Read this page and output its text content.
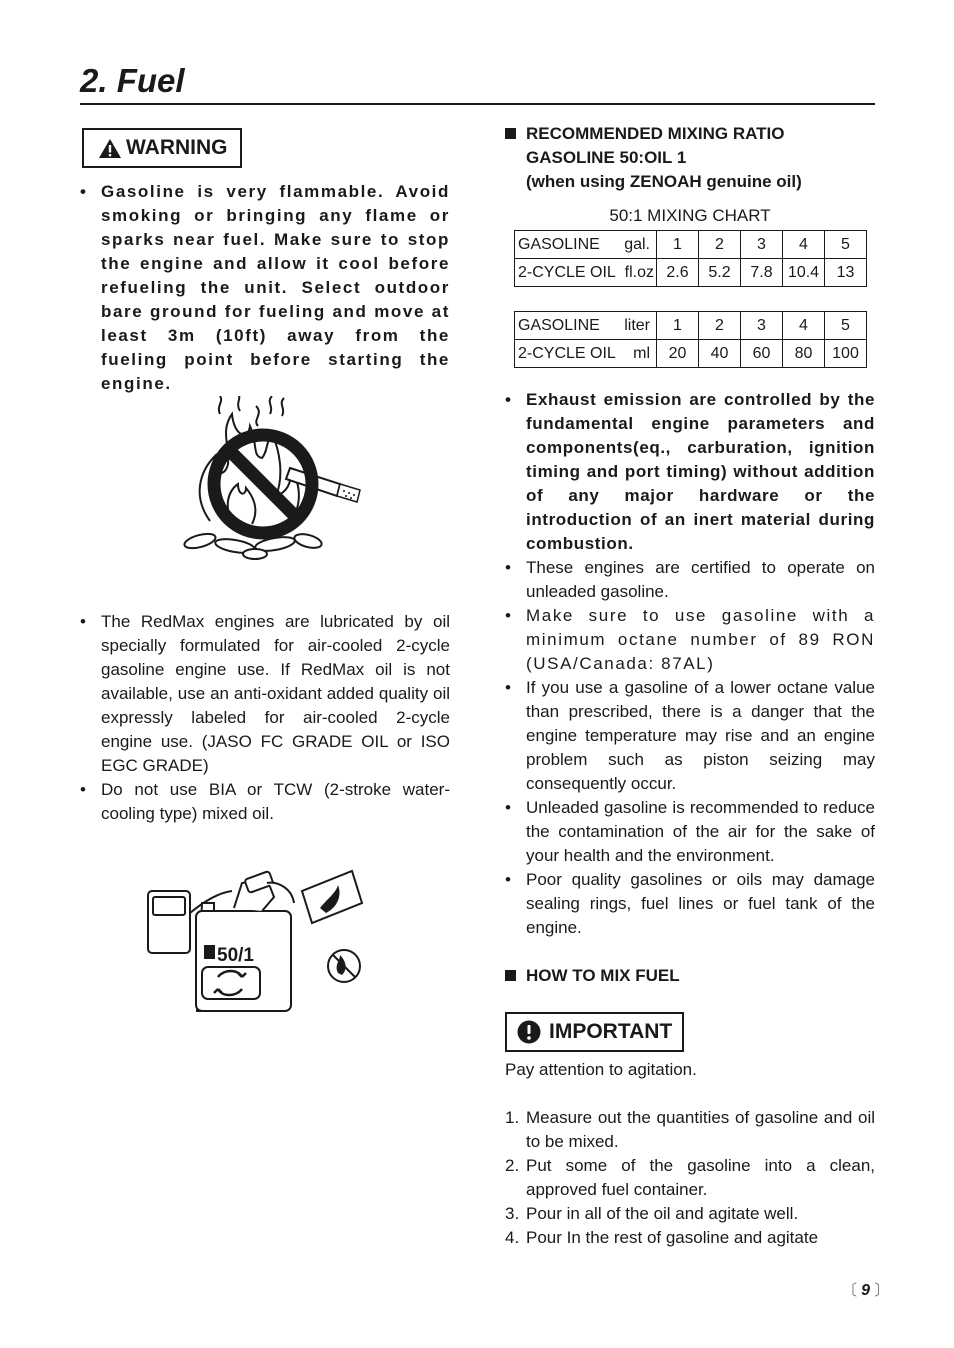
2. Fuel
WARNING
• Gasoline is very flammable. Avoid smoking or bringing any flame or sparks near fuel. Make sure to stop the engine and allow it cool before refueling the unit. Select outdoor bare ground for fueling and move at least 3m (10ft) away from the fueling point before starting the engine.
• The RedMax engines are lubricated by oil specially formulated for air-cooled 2-cycle gasoline engine use. If RedMax oil is not available, use an anti-oxidant added quality oil expressly labeled for air-cooled 2-cycle engine use. (JASO FC GRADE OIL or ISO EGC GRADE)
• Do not use BIA or TCW (2-stroke water-cooling type) mixed oil.
50/1
RECOMMENDED MIXING RATIO
GASOLINE 50:OIL 1
(when using ZENOAH genuine oil)
50:1 MIXING CHART
GASOLINE gal.	1	2	3	4	5
2-CYCLE OIL fl.oz	2.6	5.2	7.8	10.4	13
GASOLINE liter	1	2	3	4	5
2-CYCLE OIL ml	20	40	60	80	100
• Exhaust emission are controlled by the fundamental engine parameters and components(eq., carburation, ignition timing and port timing) without addition of any major hardware or the introduction of an inert material during combustion.
• These engines are certified to operate on unleaded gasoline.
• Make sure to use gasoline with a minimum octane number of 89 RON (USA/Canada: 87AL)
• If you use a gasoline of a lower octane value than prescribed, there is a danger that the engine temperature may rise and an engine problem such as piston seizing may consequently occur.
• Unleaded gasoline is recommended to reduce the contamination of the air for the sake of your health and the environment.
• Poor quality gasolines or oils may damage sealing rings, fuel lines or fuel tank of the engine.
HOW TO MIX FUEL
IMPORTANT
Pay attention to agitation.
1. Measure out the quantities of gasoline and oil to be mixed.
2. Put some of the gasoline into a clean, approved fuel container.
3. Pour in all of the oil and agitate well.
4. Pour In the rest of gasoline and agitate
〔 9 〕
